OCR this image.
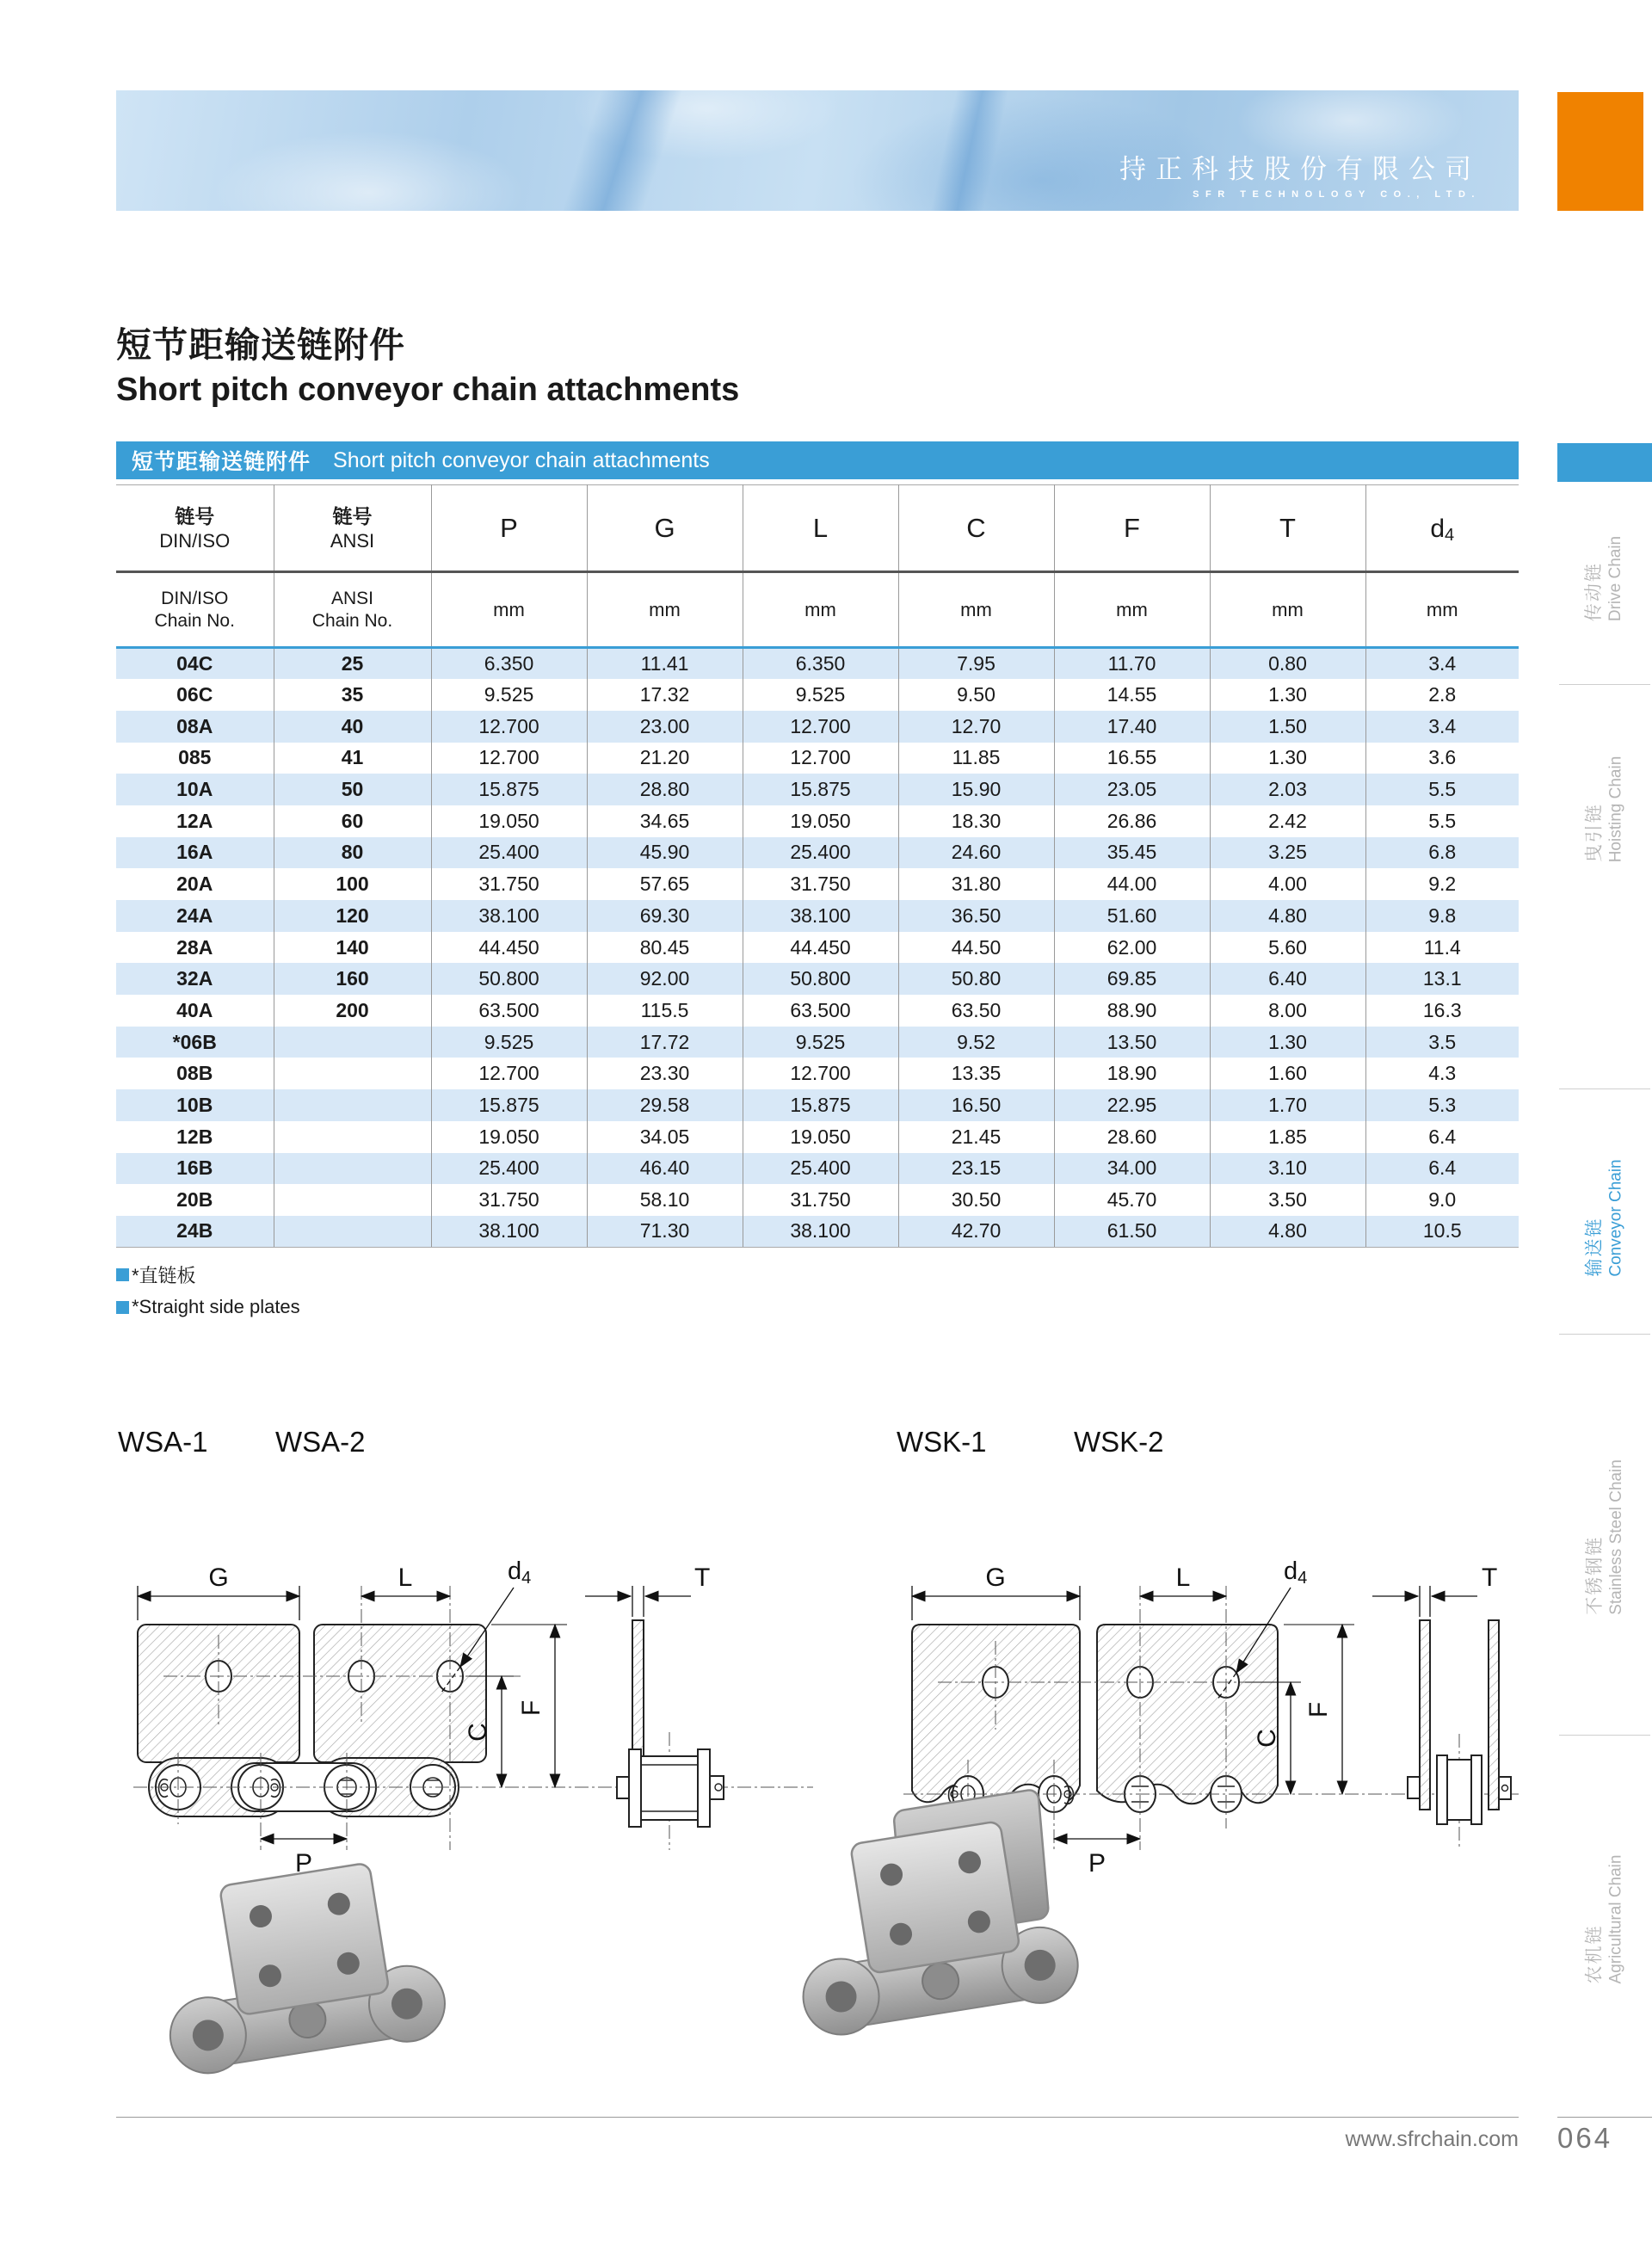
持正科技股份有限公司
SFR TECHNOLOGY CO., LTD.
短节距输送链附件
Short pitch conveyor chain attachments
短节距输送链附件 Short pitch conveyor chain attachments
链号
DIN/ISO

链号
ANSI	P	G	L	C	F	T	d4

DIN/ISO
Chain No.

ANSI
Chain No.
	mm	mm	mm	mm	mm	mm	mm
04C	25	6.350	11.41	6.350	7.95	11.70	0.80	3.4
06C	35	9.525	17.32	9.525	9.50	14.55	1.30	2.8
08A	40	12.700	23.00	12.700	12.70	17.40	1.50	3.4
085	41	12.700	21.20	12.700	11.85	16.55	1.30	3.6
10A	50	15.875	28.80	15.875	15.90	23.05	2.03	5.5
12A	60	19.050	34.65	19.050	18.30	26.86	2.42	5.5
16A	80	25.400	45.90	25.400	24.60	35.45	3.25	6.8
20A	100	31.750	57.65	31.750	31.80	44.00	4.00	9.2
24A	120	38.100	69.30	38.100	36.50	51.60	4.80	9.8
28A	140	44.450	80.45	44.450	44.50	62.00	5.60	11.4
32A	160	50.800	92.00	50.800	50.80	69.85	6.40	13.1
40A	200	63.500	115.5	63.500	63.50	88.90	8.00	16.3
*06B		9.525	17.72	9.525	9.52	13.50	1.30	3.5
08B		12.700	23.30	12.700	13.35	18.90	1.60	4.3
10B		15.875	29.58	15.875	16.50	22.95	1.70	5.3
12B		19.050	34.05	19.050	21.45	28.60	1.85	6.4
16B		25.400	46.40	25.400	23.15	34.00	3.10	6.4
20B		31.750	58.10	31.750	30.50	45.70	3.50	9.0
24B		38.100	71.30	38.100	42.70	61.50	4.80	10.5
*直链板
*Straight side plates
WSA-1 WSA-2
G	L	d4
C
F
P
T
WSK-1	WSK-2
G	L	d4
C
F
P
T
传动链 Drive Chain
曳引链 Hoisting Chain
输送链 Conveyor Chain
不锈钢链 Stainless Steel Chain
农机链 Agricultural Chain
www.sfrchain.com 064
